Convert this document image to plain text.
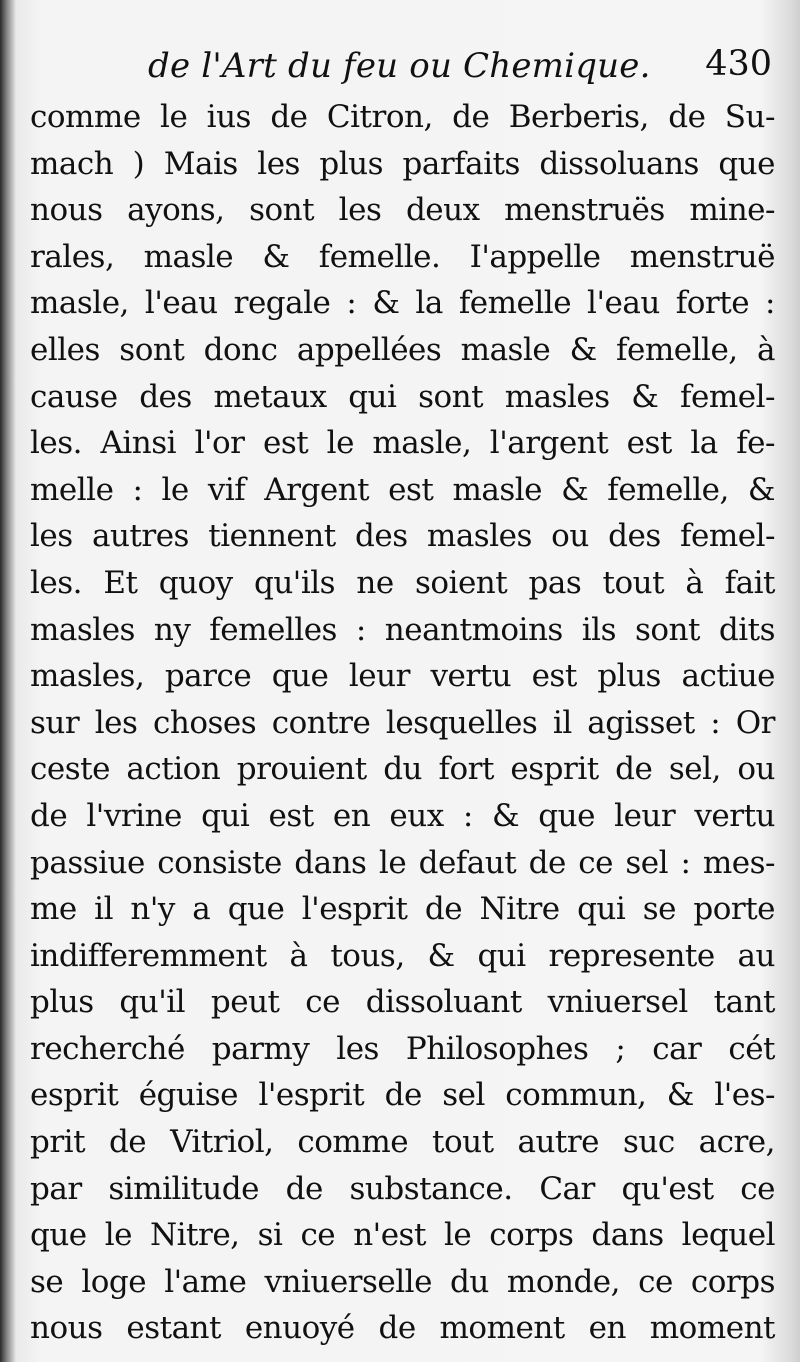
de l'Art du feu ou Chemique. 430
comme le ius de Citron, de Berberis, de Su-
mach ) Mais les plus parfaits dissoluans que
nous ayons, sont les deux menstruës mine-
rales, masle & femelle. I'appelle menstruë
masle, l'eau regale : & la femelle l'eau forte :
elles sont donc appellées masle & femelle, à
cause des metaux qui sont masles & femel-
les. Ainsi l'or est le masle, l'argent est la fe-
melle : le vif Argent est masle & femelle, &
les autres tiennent des masles ou des femel-
les. Et quoy qu'ils ne soient pas tout à fait
masles ny femelles : neantmoins ils sont dits
masles, parce que leur vertu est plus actiue
sur les choses contre lesquelles il agisset : Or
ceste action prouient du fort esprit de sel, ou
de l'vrine qui est en eux : & que leur vertu
passiue consiste dans le defaut de ce sel : mes-
me il n'y a que l'esprit de Nitre qui se porte
indifferemment à tous, & qui represente au
plus qu'il peut ce dissoluant vniuersel tant
recherché parmy les Philosophes ; car cét
esprit éguise l'esprit de sel commun, & l'es-
prit de Vitriol, comme tout autre suc acre,
par similitude de substance. Car qu'est ce
que le Nitre, si ce n'est le corps dans lequel
se loge l'ame vniuerselle du monde, ce corps
nous estant enuoyé de moment en moment
